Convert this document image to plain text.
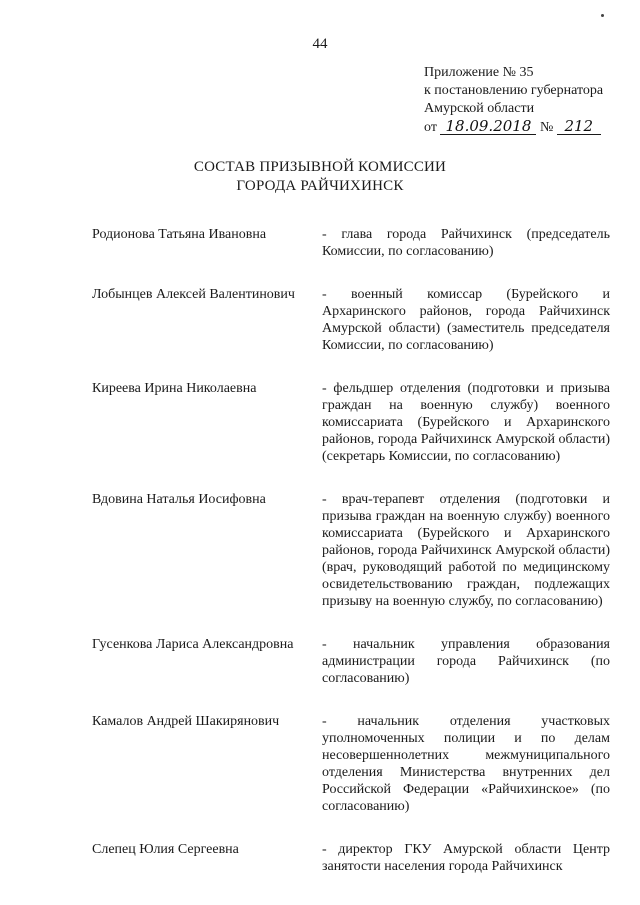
44
Приложение № 35
к постановлению губернатора
Амурской области
от 18.09.2018 № 212
СОСТАВ ПРИЗЫВНОЙ КОМИССИИ
ГОРОДА РАЙЧИХИНСК
Родионова Татьяна Ивановна	- глава города Райчихинск (председатель Комиссии, по согласованию)
Лобынцев Алексей Валентинович	- военный комиссар (Бурейского и Архаринского районов, города Райчихинск Амурской области) (заместитель председателя Комиссии, по согласованию)
Киреева Ирина Николаевна	- фельдшер отделения (подготовки и призыва граждан на военную службу) военного комиссариата (Бурейского и Архаринского районов, города Райчихинск Амурской области) (секретарь Комиссии, по согласованию)
Вдовина Наталья Иосифовна	- врач-терапевт отделения (подготовки и призыва граждан на военную службу) военного комиссариата (Бурейского и Архаринского районов, города Райчихинск Амурской области) (врач, руководящий работой по медицинскому освидетельствованию граждан, подлежащих призыву на военную службу, по согласованию)
Гусенкова Лариса Александровна	- начальник управления образования администрации города Райчихинск (по согласованию)
Камалов Андрей Шакирянович	- начальник отделения участковых уполномоченных полиции и по делам несовершеннолетних межмуниципального отделения Министерства внутренних дел Российской Федерации «Райчихинское» (по согласованию)
Слепец Юлия Сергеевна	- директор ГКУ Амурской области Центр занятости населения города Райчихинск
